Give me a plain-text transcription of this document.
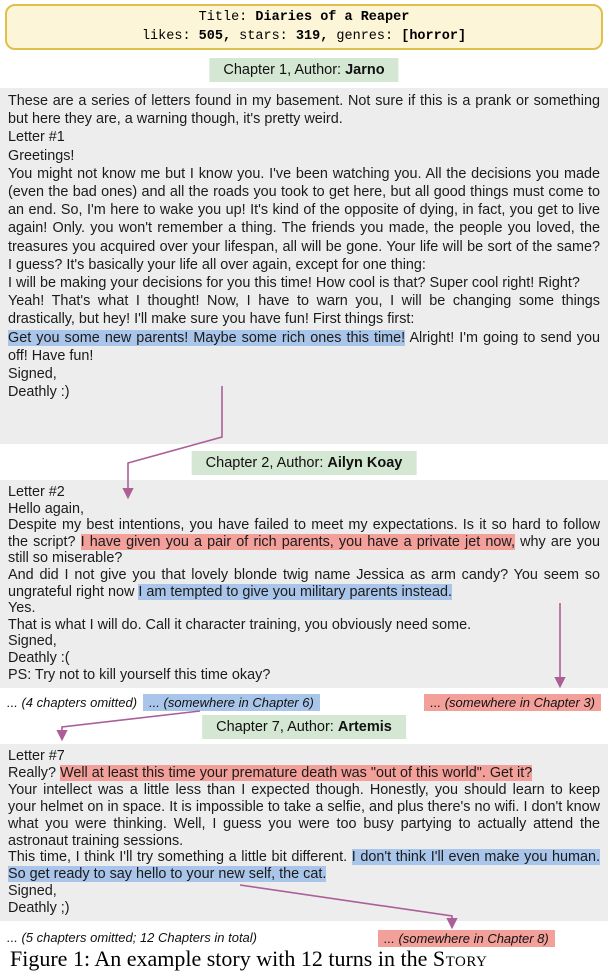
Title: Diaries of a Reaper
likes: 505, stars: 319, genres: [horror]
Chapter 1, Author: Jarno

These are a series of letters found in my basement. Not sure if this is a prank or something but here they are, a warning though, it's pretty weird.

Letter #1

Greetings!

You might not know me but I know you. I've been watching you. All the decisions you made (even the bad ones) and all the roads you took to get here, but all good things must come to an end. So, I'm here to wake you up! It's kind of the opposite of dying, in fact, you get to live again! Only. you won't remember a thing. The friends you made, the people you loved, the treasures you acquired over your lifespan, all will be gone. Your life will be sort of the same? I guess? It's basically your life all over again, except for one thing:

I will be making your decisions for you this time! How cool is that? Super cool right! Right?

Yeah! That's what I thought! Now, I have to warn you, I will be changing some things drastically, but hey! I'll make sure you have fun! First things first:

Get you some new parents! Maybe some rich ones this time! Alright! I'm going to send you off! Have fun!

Signed,

Deathly :)

Chapter 2, Author: Ailyn Koay

Letter #2

Hello again,

Despite my best intentions, you have failed to meet my expectations. Is it so hard to follow the script? I have given you a pair of rich parents, you have a private jet now, why are you still so miserable?

And did I not give you that lovely blonde twig name Jessica as arm candy? You seem so ungrateful right now I am tempted to give you military parents instead.

Yes.

That is what I will do. Call it character training, you obviously need some.

Signed,

Deathly :(

PS: Try not to kill yourself this time okay?

... (4 chapters omitted) ... (somewhere in Chapter 6)	... (somewhere in Chapter 3)
Chapter 7, Author: Artemis

Letter #7

Really? Well at least this time your premature death was "out of this world". Get it?

Your intellect was a little less than I expected though. Honestly, you should learn to keep your helmet on in space. It is impossible to take a selfie, and plus there's no wifi. I don't know what you were thinking. Well, I guess you were too busy partying to actually attend the astronaut training sessions.

This time, I think I'll try something a little bit different. I don't think I'll even make you human. So get ready to say hello to your new self, the cat.

Signed,

Deathly ;)

... (5 chapters omitted; 12 Chapters in total)	... (somewhere in Chapter 8)
Figure 1: An example story with 12 turns in the Story
